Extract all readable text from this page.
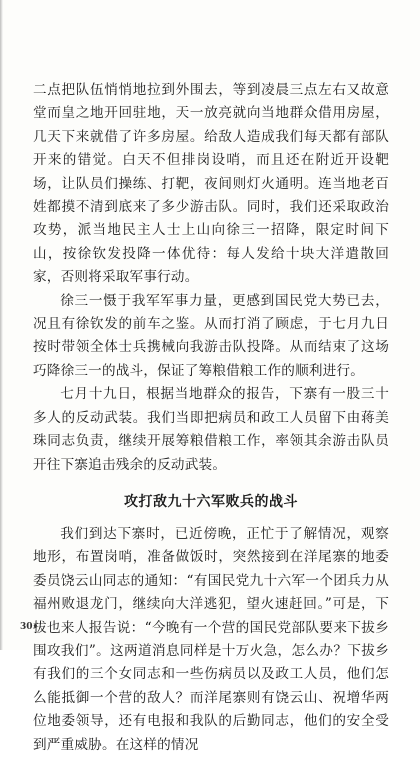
二点把队伍悄悄地拉到外围去，等到凌晨三点左右又故意堂而皇之地开回驻地，天一放亮就向当地群众借用房屋，几天下来就借了许多房屋。给敌人造成我们每天都有部队开来的错觉。白天不但排岗设哨，而且还在附近开设靶场，让队员们操练、打靶，夜间则灯火通明。连当地老百姓都摸不清到底来了多少游击队。同时，我们还采取政治攻势，派当地民主人士上山向徐三一招降，限定时间下山，按徐钦发投降一体优待：每人发给十块大洋遣散回家，否则将采取军事行动。

徐三一慑于我军军事力量，更感到国民党大势已去，况且有徐钦发的前车之鉴。从而打消了顾虑，于七月九日按时带领全体士兵携械向我游击队投降。从而结束了这场巧降徐三一的战斗，保证了筹粮借粮工作的顺利进行。

七月十九日，根据当地群众的报告，下寨有一股三十多人的反动武装。我们当即把病员和政工人员留下由蒋美珠同志负责，继续开展筹粮借粮工作，率领其余游击队员开往下寨追击残余的反动武装。

攻打敌九十六军败兵的战斗

我们到达下寨时，已近傍晚，正忙于了解情况，观察地形，布置岗哨，准备做饭时，突然接到在洋尾寨的地委委员饶云山同志的通知：“有国民党九十六军一个团兵力从福州败退龙门，继续向大洋逃犯，望火速赶回。”可是，下拔也来人报告说：“今晚有一个营的国民党部队要来下拔乡围攻我们”。这两道消息同样是十万火急，怎么办？下拔乡有我们的三个女同志和一些伤病员以及政工人员，他们怎么能抵御一个营的敌人？而洋尾寨则有饶云山、祝增华两位地委领导，还有电报和我队的后勤同志，他们的安全受到严重威胁。在这样的情况

30•
